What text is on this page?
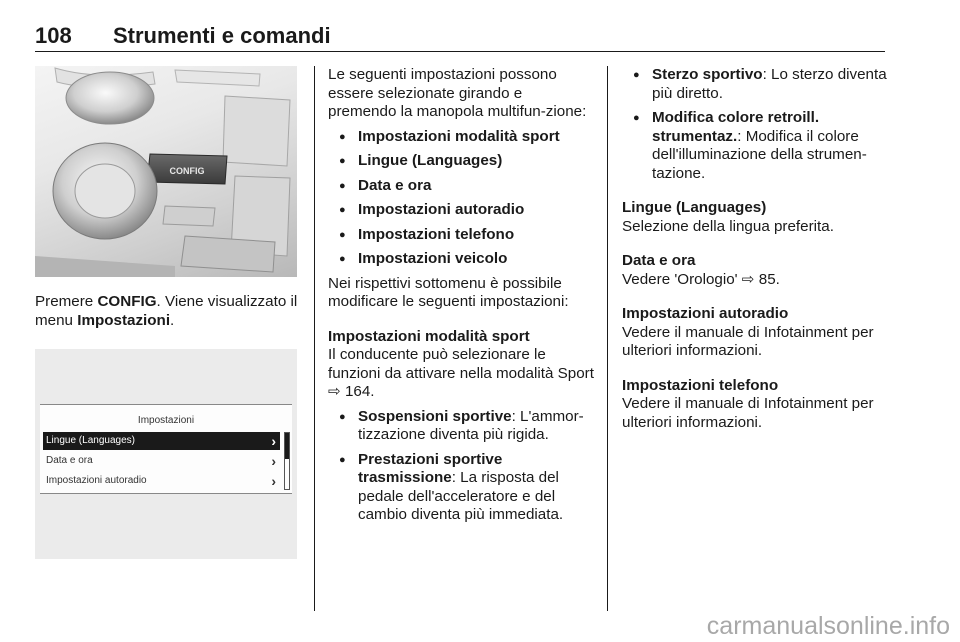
108 Strumenti e comandi
CONFIG

Premere CONFIG. Viene visualizzato il menu Impostazioni.

Impostazioni
Lingue (Languages)	›
Data e ora	›
Impostazioni autoradio	›

Le seguenti impostazioni possono essere selezionate girando e premendo la manopola multifun-zione:

● Impostazioni modalità sport
● Lingue (Languages)
● Data e ora
● Impostazioni autoradio
● Impostazioni telefono
● Impostazioni veicolo

Nei rispettivi sottomenu è possibile modificare le seguenti impostazioni:

Impostazioni modalità sport

Il conducente può selezionare le funzioni da attivare nella modalità Sport ⇨ 164.

● Sospensioni sportive: L'ammor-tizzazione diventa più rigida.
● Prestazioni sportive trasmissione: La risposta del pedale dell'acceleratore e del cambio diventa più immediata.
● Sterzo sportivo: Lo sterzo diventa più diretto.
● Modifica colore retroill. strumentaz.: Modifica il colore dell'illuminazione della strumen-tazione.

Lingue (Languages)

Selezione della lingua preferita.

Data e ora

Vedere 'Orologio' ⇨ 85.

Impostazioni autoradio

Vedere il manuale di Infotainment per ulteriori informazioni.

Impostazioni telefono

Vedere il manuale di Infotainment per ulteriori informazioni.

carmanualsonline.info
